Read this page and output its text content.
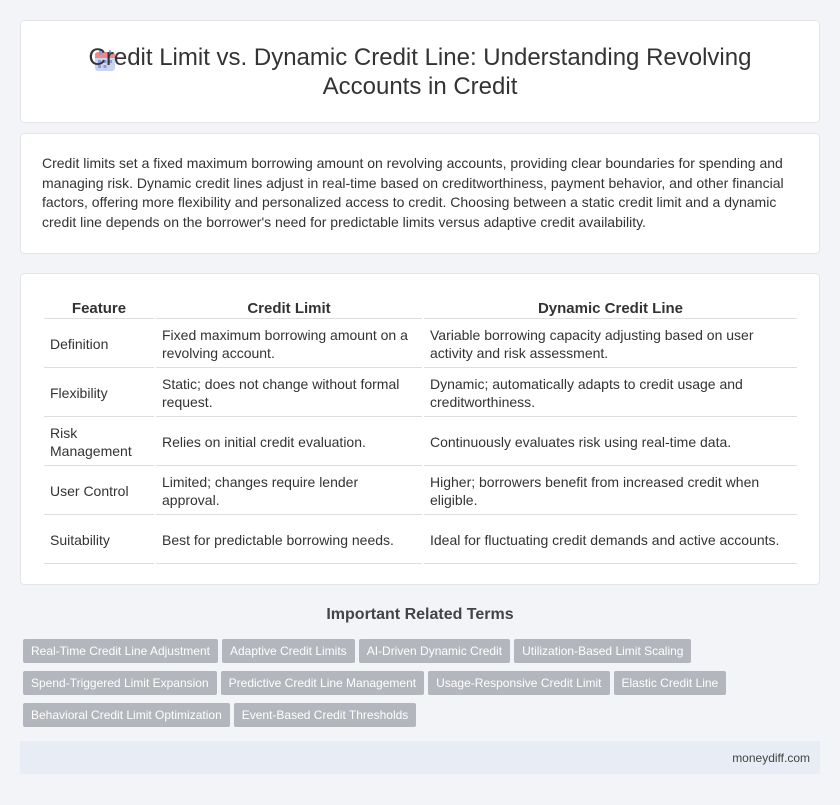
Credit Limit vs. Dynamic Credit Line: Understanding Revolving Accounts in Credit

Credit limits set a fixed maximum borrowing amount on revolving accounts, providing clear boundaries for spending and managing risk. Dynamic credit lines adjust in real-time based on creditworthiness, payment behavior, and other financial factors, offering more flexibility and personalized access to credit. Choosing between a static credit limit and a dynamic credit line depends on the borrower's need for predictable limits versus adaptive credit availability.

Feature	Credit Limit	Dynamic Credit Line
Definition	Fixed maximum borrowing amount on a revolving account.	Variable borrowing capacity adjusting based on user activity and risk assessment.
Flexibility	Static; does not change without formal request.	Dynamic; automatically adapts to credit usage and creditworthiness.
Risk Management	Relies on initial credit evaluation.	Continuously evaluates risk using real-time data.
User Control	Limited; changes require lender approval.	Higher; borrowers benefit from increased credit when eligible.
Suitability	Best for predictable borrowing needs.	Ideal for fluctuating credit demands and active accounts.
Important Related Terms
Real-Time Credit Line Adjustment Adaptive Credit Limits AI-Driven Dynamic Credit Utilization-Based Limit Scaling
Spend-Triggered Limit Expansion Predictive Credit Line Management Usage-Responsive Credit Limit Elastic Credit Line
Behavioral Credit Limit Optimization Event-Based Credit Thresholds
moneydiff.com
